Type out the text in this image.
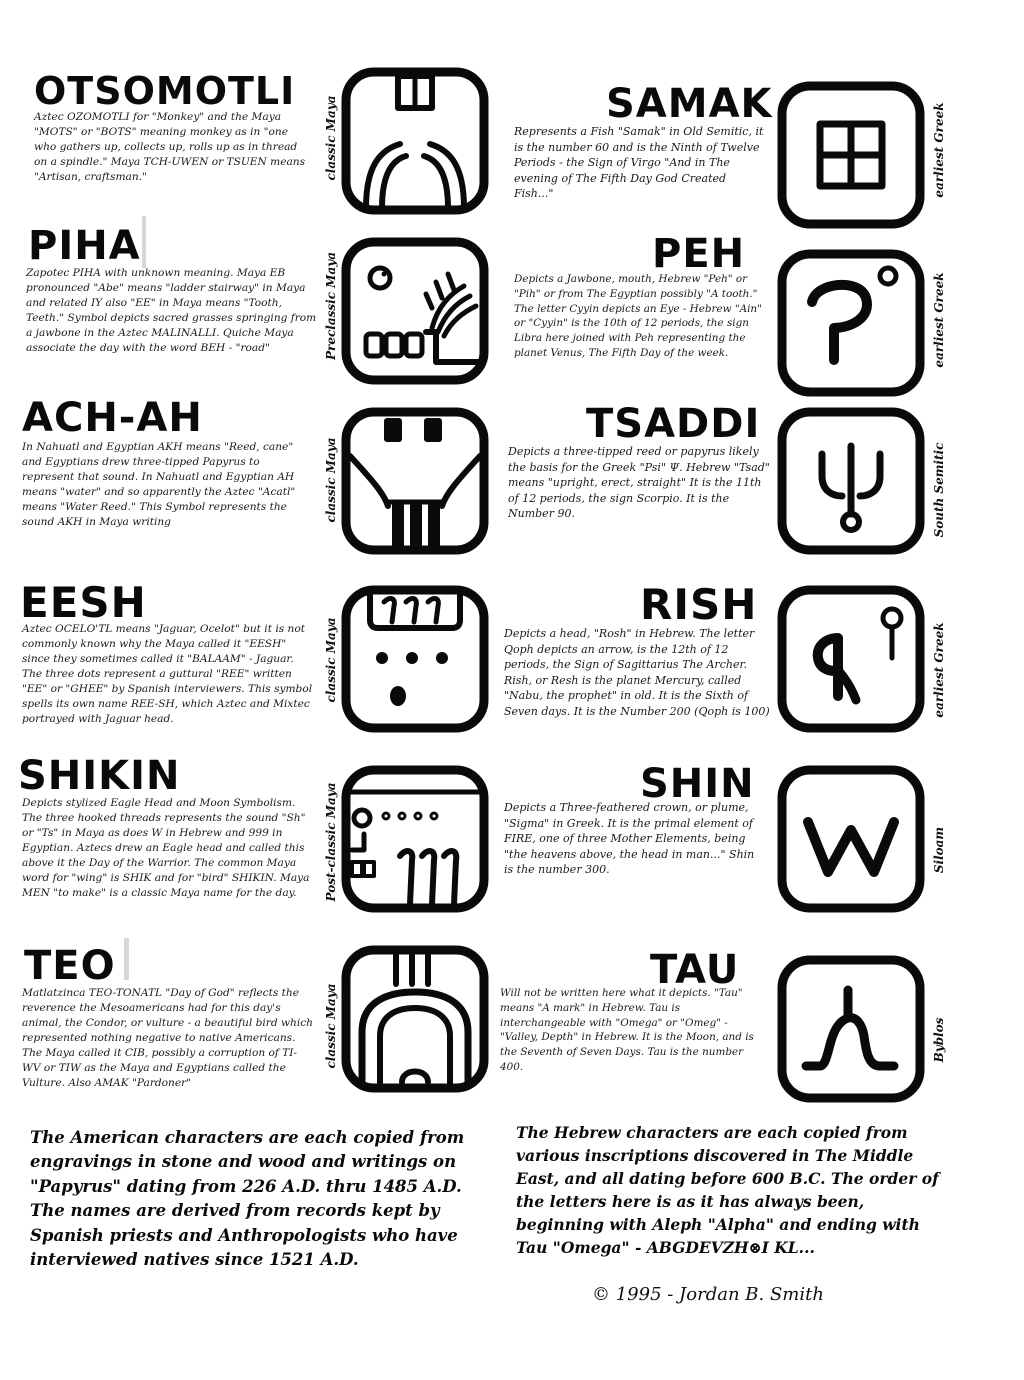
OTSOMOTLI

Aztec OZOMOTLI for "Monkey" and the Maya "MOTS" or "BOTS" meaning monkey as in "one who gathers up, collects up, rolls up as in thread on a spindle." Maya TCH-UWEN or TSUEN means "Artisan, craftsman."

PIHA

Zapotec PIHA with unknown meaning. Maya EB pronounced "Abe" means "ladder stairway" in Maya and related IY also "EE" in Maya means "Tooth, Teeth." Symbol depicts sacred grasses springing from a jawbone in the Aztec MALINALLI. Quiche Maya associate the day with the word BEH - "road"

ACH-AH

In Nahuatl and Egyptian AKH means "Reed, cane" and Egyptians drew three-tipped Papyrus to represent that sound. In Nahuatl and Egyptian AH means "water" and so apparently the Aztec "Acatl" means "Water Reed." This Symbol represents the sound AKH in Maya writing

EESH

Aztec OCELO'TL means "Jaguar, Ocelot" but it is not commonly known why the Maya called it "EESH" since they sometimes called it "BALAAM" - Jaguar. The three dots represent a guttural "REE" written "EE" or "GHEE" by Spanish interviewers. This symbol spells its own name REE-SH, which Aztec and Mixtec portrayed with Jaguar head.

SHIKIN

Depicts stylized Eagle Head and Moon Symbolism. The three hooked threads represents the sound "Sh" or "Ts" in Maya as does W in Hebrew and 999 in Egyptian. Aztecs drew an Eagle head and called this above it the Day of the Warrior. The common Maya word for "wing" is SHIK and for "bird" SHIKIN. Maya MEN "to make" is a classic Maya name for the day.

TEO

Matlatzinca TEO-TONATL "Day of God" reflects the reverence the Mesoamericans had for this day's animal, the Condor, or vulture - a beautiful bird which represented nothing negative to native Americans. The Maya called it CIB, possibly a corruption of TI-WV or TIW as the Maya and Egyptians called the Vulture. Also AMAK "Pardoner"

classic Maya
Preclassic Maya
classic Maya
classic Maya
Post-classic Maya
classic Maya
SAMAK

Represents a Fish "Samak" in Old Semitic, it is the number 60 and is the Ninth of Twelve Periods - the Sign of Virgo "And in The evening of The Fifth Day God Created Fish..."

PEH

Depicts a Jawbone, mouth, Hebrew "Peh" or "Pih" or from The Egyptian possibly "A tooth." The letter Cyyin depicts an Eye - Hebrew "Ain" or "Cyyin" is the 10th of 12 periods, the sign Libra here joined with Peh representing the planet Venus, The Fifth Day of the week.

TSADDI

Depicts a three-tipped reed or papyrus likely the basis for the Greek "Psi" Ψ. Hebrew "Tsad" means "upright, erect, straight" It is the 11th of 12 periods, the sign Scorpio. It is the Number 90.

RISH

Depicts a head, "Rosh" in Hebrew. The letter Qoph depicts an arrow, is the 12th of 12 periods, the Sign of Sagittarius The Archer. Rish, or Resh is the planet Mercury, called "Nabu, the prophet" in old. It is the Sixth of Seven days. It is the Number 200 (Qoph is 100)

SHIN

Depicts a Three-feathered crown, or plume, "Sigma" in Greek. It is the primal element of FIRE, one of three Mother Elements, being "the heavens above, the head in man..." Shin is the number 300.

TAU

Will not be written here what it depicts. "Tau" means "A mark" in Hebrew. Tau is interchangeable with "Omega" or "Omeg" - "Valley, Depth" in Hebrew. It is the Moon, and is the Seventh of Seven Days. Tau is the number 400.

earliest Greek
earliest Greek
South Semitic
earliest Greek
Siloam
Byblos

The American characters are each copied from engravings in stone and wood and writings on "Papyrus" dating from 226 A.D. thru 1485 A.D. The names are derived from records kept by Spanish priests and Anthropologists who have interviewed natives since 1521 A.D.

The Hebrew characters are each copied from various inscriptions discovered in The Middle East, and all dating before 600 B.C. The order of the letters here is as it has always been, beginning with Aleph "Alpha" and ending with Tau "Omega" - ABGDEVZH⊗I KL...

© 1995 - Jordan B. Smith
